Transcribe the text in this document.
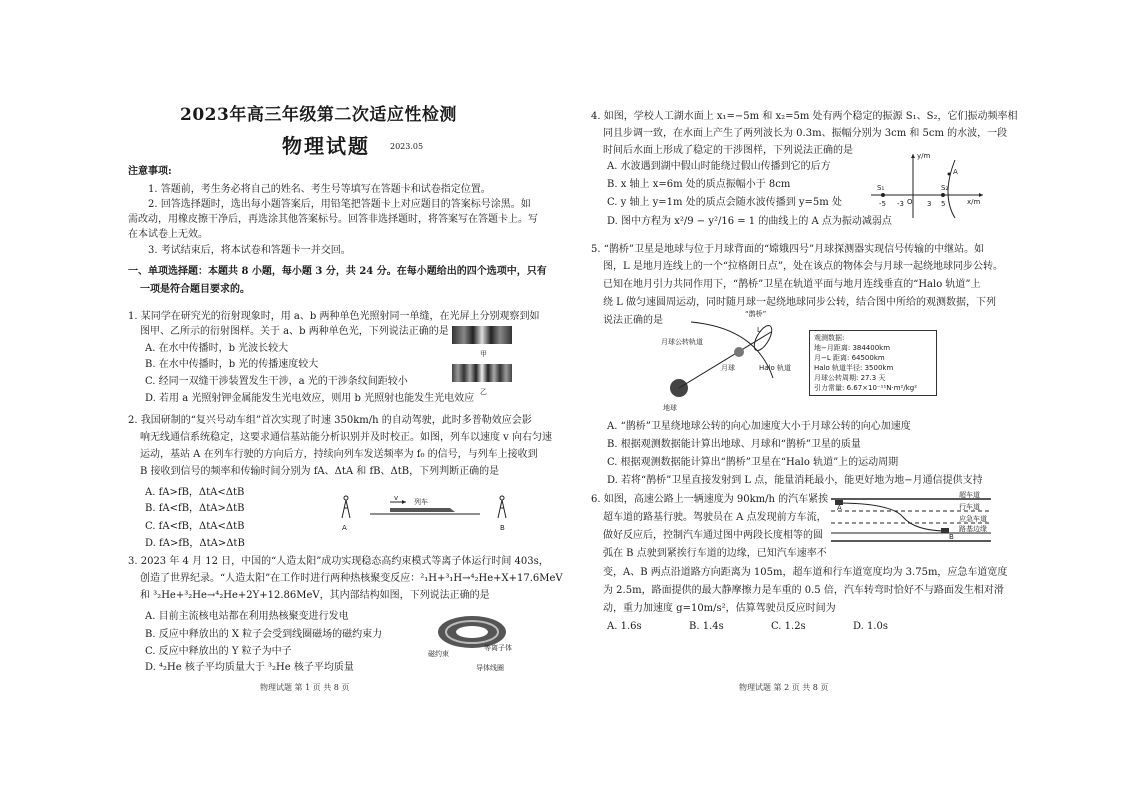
2023年高三年级第二次适应性检测
物理试题	2023.05
注意事项:
1. 答题前，考生务必将自己的姓名、考生号等填写在答题卡和试卷指定位置。
2. 回答选择题时，选出每小题答案后，用铅笔把答题卡上对应题目的答案标号涂黑。如
需改动，用橡皮擦干净后，再选涂其他答案标号。回答非选择题时，将答案写在答题卡上。写
在本试卷上无效。
3. 考试结束后，将本试卷和答题卡一并交回。
一、单项选择题：本题共 8 小题，每小题 3 分，共 24 分。在每小题给出的四个选项中，只有
一项是符合题目要求的。
1. 某同学在研究光的衍射现象时，用 a、b 两种单色光照射同一单缝，在光屏上分别观察到如
图甲、乙所示的衍射图样。关于 a、b 两种单色光，下列说法正确的是
A. 在水中传播时，b 光波长较大
B. 在水中传播时，b 光的传播速度较大
C. 经同一双缝干涉装置发生干涉，a 光的干涉条纹间距较小
D. 若用 a 光照射钾金属能发生光电效应，则用 b 光照射也能发生光电效应
甲
乙
2. 我国研制的“复兴号动车组”首次实现了时速 350km/h 的自动驾驶，此时多普勒效应会影
响无线通信系统稳定，这要求通信基站能分析识别并及时校正。如图，列车以速度 v 向右匀速
运动，基站 A 在列车行驶的方向后方，持续向列车发送频率为 f₀ 的信号，与列车上接收到
B 接收到信号的频率和传输时间分别为 fA、ΔtA 和 fB、ΔtB，下列判断正确的是
A. fA>fB，ΔtA<ΔtB
B. fA<fB，ΔtA>ΔtB
C. fA<fB，ΔtA<ΔtB
D. fA>fB，ΔtA>ΔtB
A	B
v 列车
3. 2023 年 4 月 12 日，中国的“人造太阳”成功实现稳态高约束模式等离子体运行时间 403s，
创造了世界纪录。“人造太阳”在工作时进行两种热核聚变反应：²₁H+³₁H→⁴₂He+X+17.6MeV
和 ³₂He+³₂He→⁴₂He+2Y+12.86MeV，其内部结构如图，下列说法正确的是
A. 目前主流核电站都在利用热核聚变进行发电
B. 反应中释放出的 X 粒子会受到线圈磁场的磁约束力
C. 反应中释放出的 Y 粒子为中子
D. ⁴₂He 核子平均质量大于 ³₂He 核子平均质量
磁约束
等离子体
导体线圈
物理试题 第 1 页 共 8 页
4. 如图，学校人工湖水面上 x₁=−5m 和 x₂=5m 处有两个稳定的振源 S₁、S₂，它们振动频率相
同且步调一致，在水面上产生了两列波长为 0.3m、振幅分别为 3cm 和 5cm 的水波，一段
时间后水面上形成了稳定的干涉图样，下列说法正确的是
A. 水波遇到湖中假山时能绕过假山传播到它的后方
B. x 轴上 x=6m 处的质点振幅小于 8cm
C. y 轴上 y=1m 处的质点会随水波传播到 y=5m 处
D. 图中方程为 x²/9 − y²/16 = 1 的曲线上的 A 点为振动减弱点
y/m
x/m
S₁	S₂
O
A
-5	5
-3	3
5. “鹊桥”卫星是地球与位于月球背面的“嫦娥四号”月球探测器实现信号传输的中继站。如
图，L 是地月连线上的一个“拉格朗日点”，处在该点的物体会与月球一起绕地球同步公转。
已知在地月引力共同作用下，“鹊桥”卫星在轨道平面与地月连线垂直的“Halo 轨道”上
绕 L 做匀速圆周运动，同时随月球一起绕地球同步公转，结合图中所给的观测数据，下列
说法正确的是
地球
月球公转轨道
月球
L
“鹊桥”
Halo 轨道
观测数据:
地−月距离: 384400km
月−L 距离: 64500km
Halo 轨道半径: 3500km
月球公转周期: 27.3 天
引力常量: 6.67×10⁻¹¹N·m²/kg²
A. “鹊桥”卫星绕地球公转的向心加速度大小于月球公转的向心加速度
B. 根据观测数据能计算出地球、月球和“鹊桥”卫星的质量
C. 根据观测数据能计算出“鹊桥”卫星在“Halo 轨道”上的运动周期
D. 若将“鹊桥”卫星直接发射到 L 点，能量消耗最小，能更好地为地−月通信提供支持
6. 如图，高速公路上一辆速度为 90km/h 的汽车紧挨
超车道的路基行驶。驾驶员在 A 点发现前方车流，
做好反应后，控制汽车通过图中两段长度相等的圆
弧在 B 点驶到紧挨行车道的边缘，已知汽车速率不
变，A、B 两点沿道路方向距离为 105m，超车道和行车道宽度均为 3.75m，应急车道宽度
为 2.5m，路面提供的最大静摩擦力是车重的 0.5 倍，汽车转弯时恰好不与路面发生相对滑
动，重力加速度 g=10m/s²，估算驾驶员反应时间为
A. 1.6s	B. 1.4s	C. 1.2s	D. 1.0s
A
B
超车道
行车道
应急车道
路基边缘
物理试题 第 2 页 共 8 页
